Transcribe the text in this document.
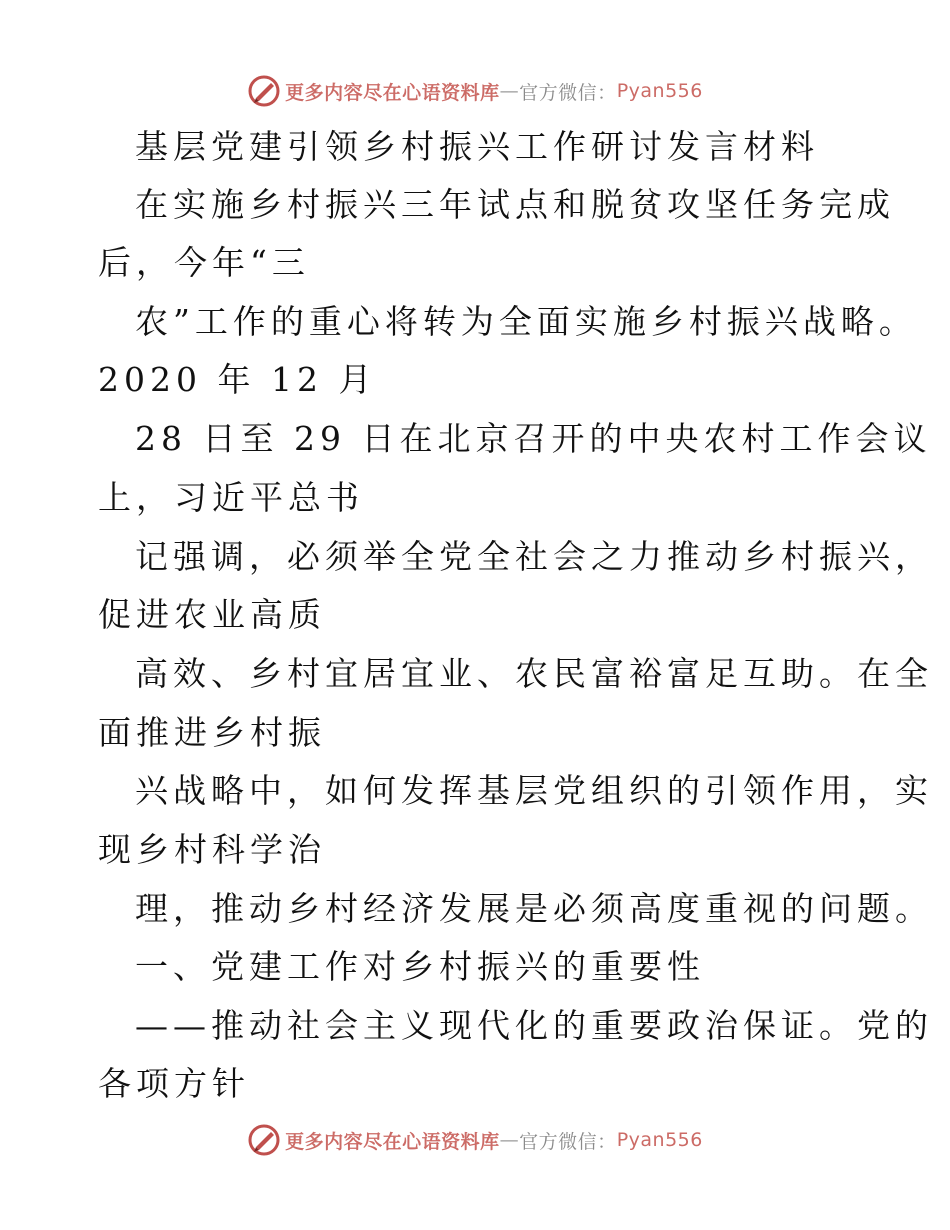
更多内容尽在心语资料库 — 官方微信： Pyan556
基层党建引领乡村振兴工作研讨发言材料
在实施乡村振兴三年试点和脱贫攻坚任务完成
后，今年“三
农”工作的重心将转为全面实施乡村振兴战略。
2020 年 12 月
28 日至 29 日在北京召开的中央农村工作会议
上，习近平总书
记强调，必须举全党全社会之力推动乡村振兴，
促进农业高质
高效、乡村宜居宜业、农民富裕富足互助。在全
面推进乡村振
兴战略中，如何发挥基层党组织的引领作用，实
现乡村科学治
理，推动乡村经济发展是必须高度重视的问题。
一、党建工作对乡村振兴的重要性
——推动社会主义现代化的重要政治保证。党的
各项方针
更多内容尽在心语资料库 — 官方微信： Pyan556
